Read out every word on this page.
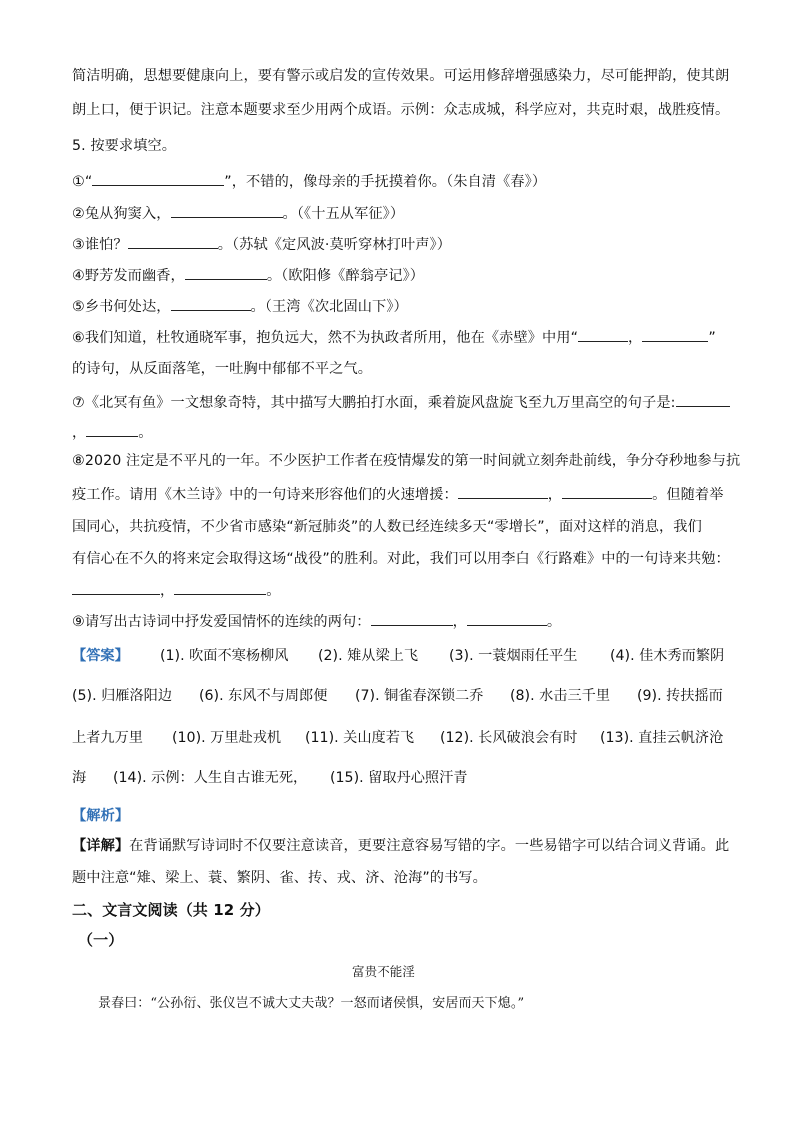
简洁明确，思想要健康向上，要有警示或启发的宣传效果。可运用修辞增强感染力，尽可能押韵，使其朗
朗上口，便于识记。注意本题要求至少用两个成语。示例：众志成城，科学应对，共克时艰，战胜疫情。
5. 按要求填空。
①“	”，不错的，像母亲的手抚摸着你。（朱自清《春》）
②兔从狗窦入，	。（《十五从军征》）
③谁怕？	。（苏轼《定风波·莫听穿林打叶声》）
④野芳发而幽香，	。（欧阳修《醉翁亭记》）
⑤乡书何处达，	。（王湾《次北固山下》）
⑥我们知道，杜牧通晓军事，抱负远大，然不为执政者所用，他在《赤壁》中用“	，	”
的诗句，从反面落笔，一吐胸中郁郁不平之气。
⑦《北冥有鱼》一文想象奇特，其中描写大鹏拍打水面，乘着旋风盘旋飞至九万里高空的句子是:
，	。
⑧2020 注定是不平凡的一年。不少医护工作者在疫情爆发的第一时间就立刻奔赴前线，争分夺秒地参与抗
疫工作。请用《木兰诗》中的一句诗来形容他们的火速增援：	，	。但随着举
国同心，共抗疫情，不少省市感染“新冠肺炎”的人数已经连续多天“零增长”，面对这样的消息，我们
有信心在不久的将来定会取得这场“战役”的胜利。对此，我们可以用李白《行路难》中的一句诗来共勉：
，	。
⑨请写出古诗词中抒发爱国情怀的连续的两句：	，	。
【答案】 (1). 吹面不寒杨柳风 (2). 雉从梁上飞 (3). 一蓑烟雨任平生 (4). 佳木秀而繁阴
(5). 归雁洛阳边 (6). 东风不与周郎便 (7). 铜雀春深锁二乔 (8). 水击三千里 (9). 抟扶摇而
上者九万里 (10). 万里赴戎机 (11). 关山度若飞 (12). 长风破浪会有时 (13). 直挂云帆济沧
海 (14). 示例：人生自古谁无死， (15). 留取丹心照汗青
【解析】
【详解】在背诵默写诗词时不仅要注意读音，更要注意容易写错的字。一些易错字可以结合词义背诵。此
题中注意“雉、梁上、蓑、繁阴、雀、抟、戎、济、沧海”的书写。
二、文言文阅读（共 12 分）
（一）
富贵不能淫
景春曰：“公孙衍、张仪岂不诚大丈夫哉？一怒而诸侯惧，安居而天下熄。”
